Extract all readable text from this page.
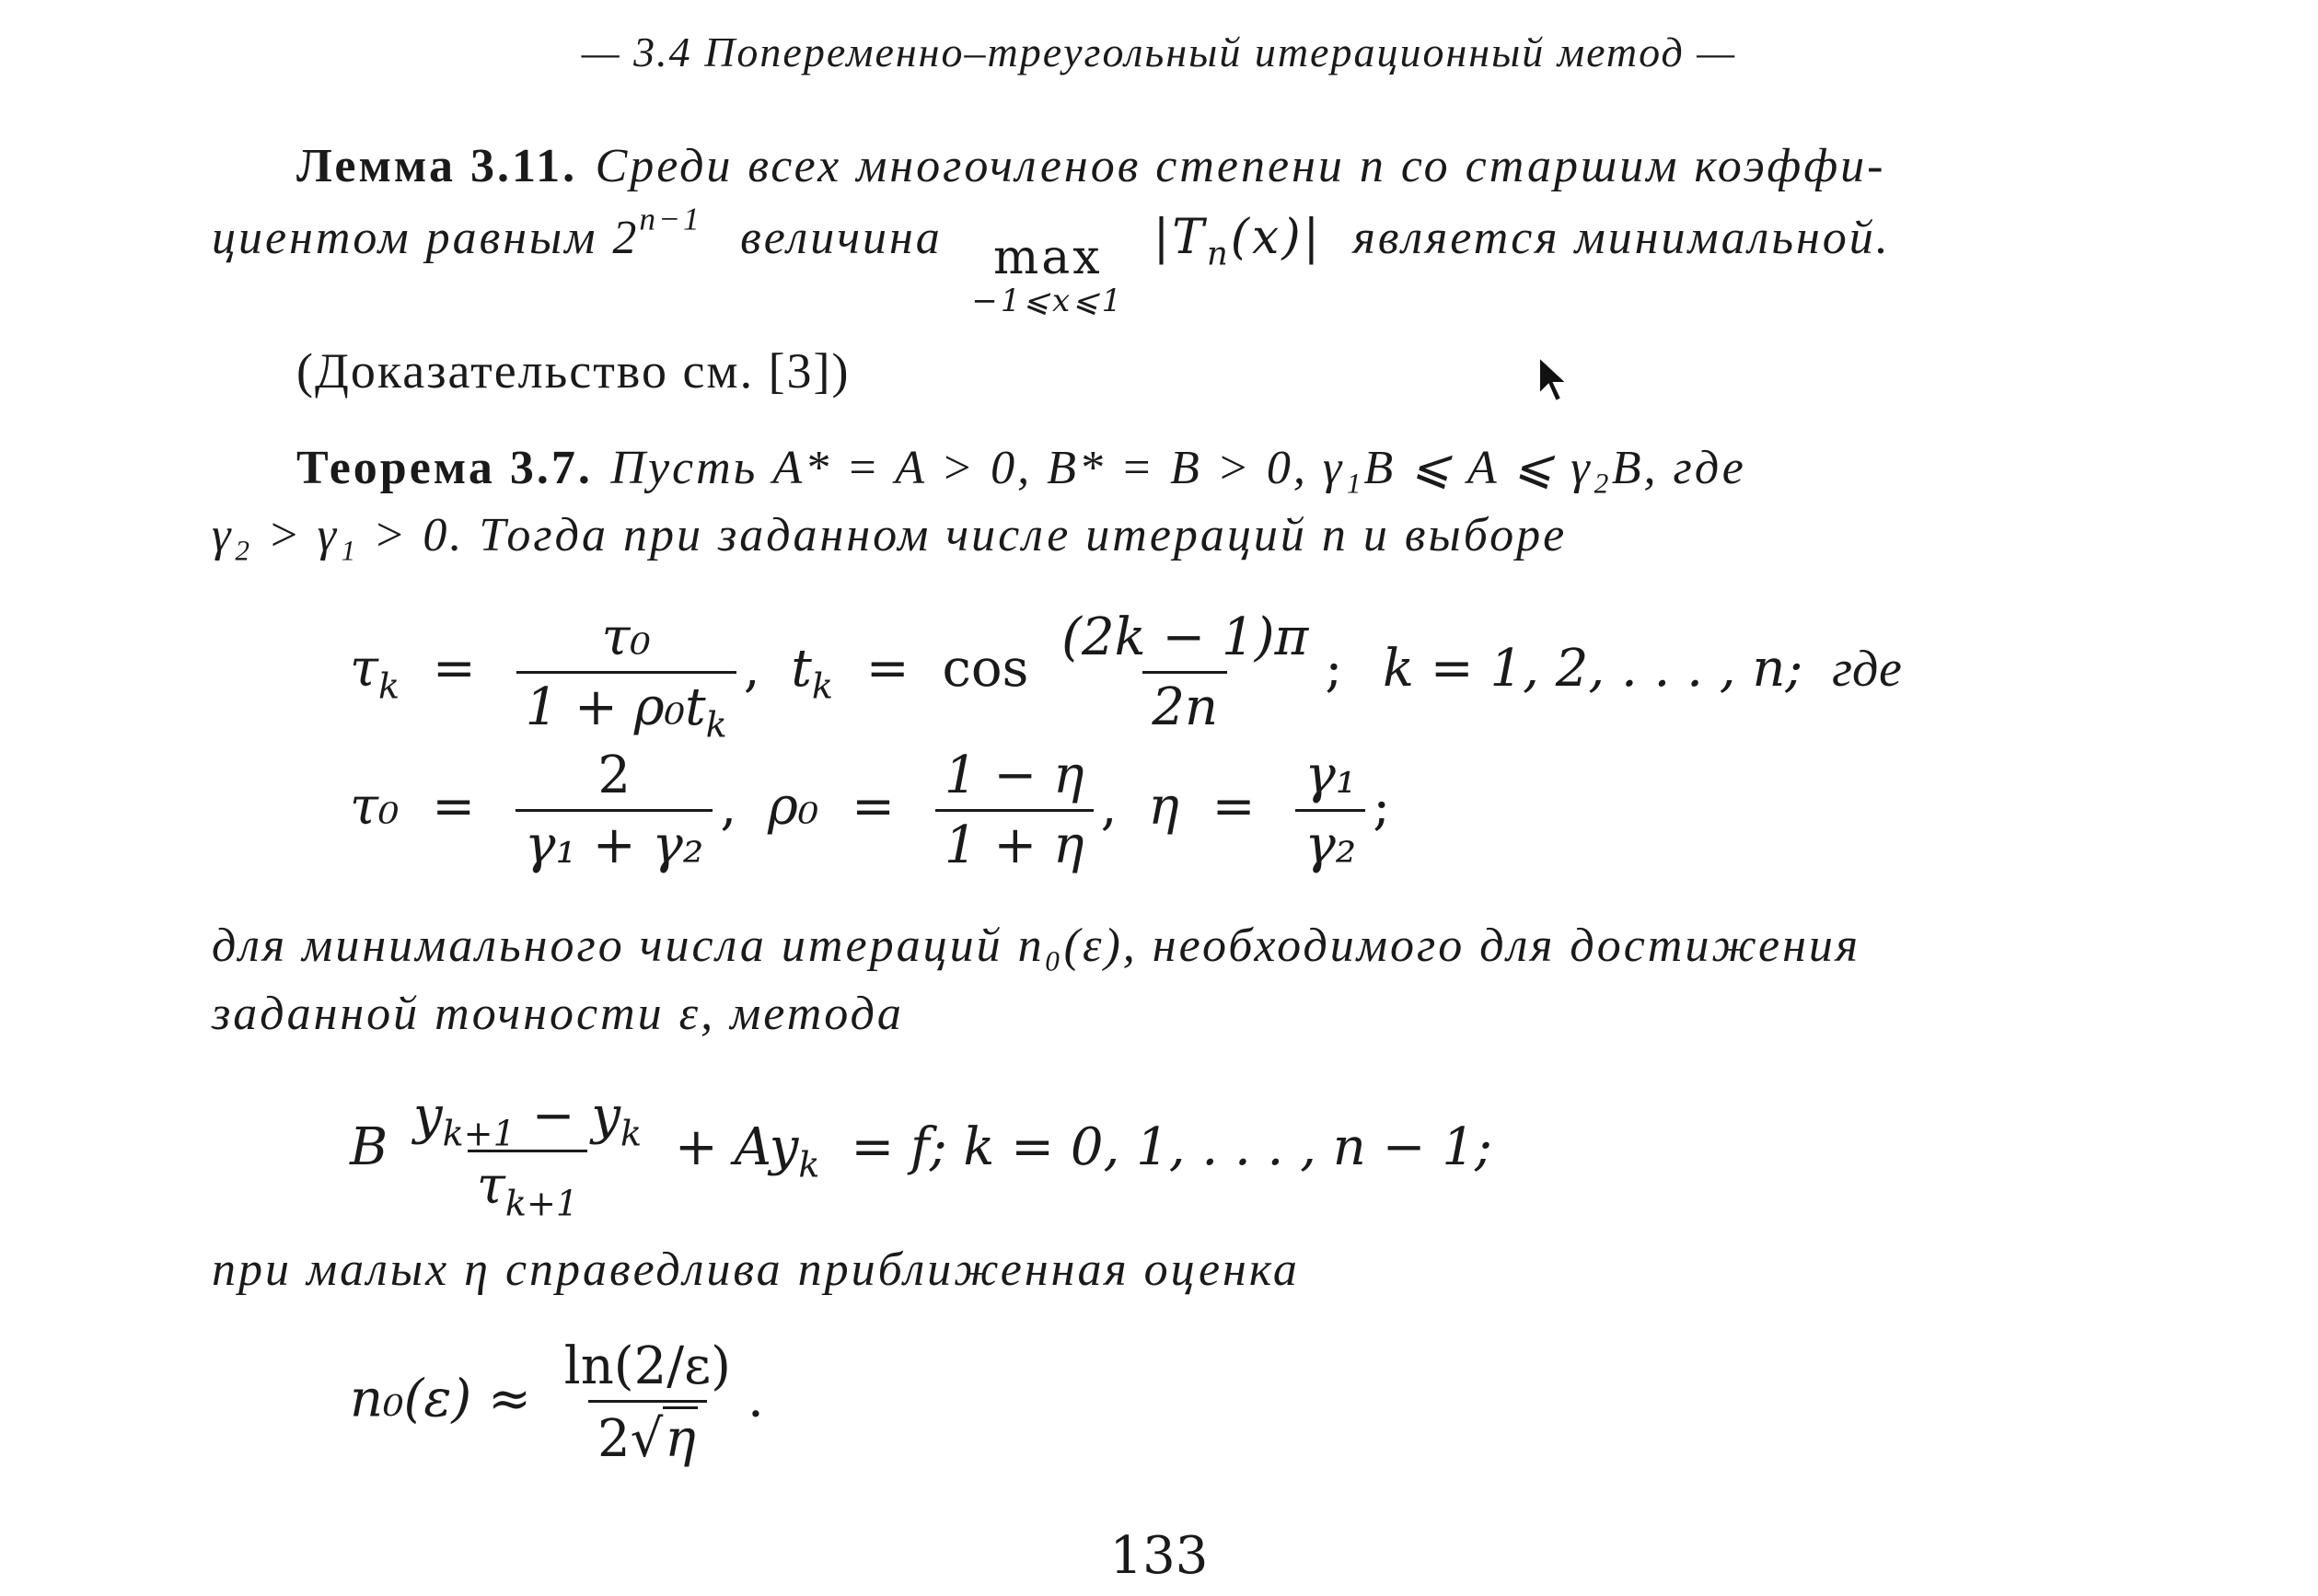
— 3.4 Попеременно–треугольный итерационный метод —
Лемма 3.11. Среди всех многочленов степени n со старшим коэффи-
циентом равным $2^{n-1}$ величина max
−1⩽x⩽1
$|T_n(x)|$ является минимальной.
(Доказательство см. [3])
Теорема 3.7. Пусть A* = A > 0, B* = B > 0, γ₁B ⩽ A ⩽ γ₂B, где
γ₂ > γ₁ > 0. Тогда при заданном числе итераций n и выборе
$\tau_k = \frac{\text{τ₀}}{1 + \rho_0t_k}$ , $t_k = \cos \frac{(2k - 1)\pi}{2n}$ ; k = 1, 2, . . . , n; где
$\tau_0 = \frac{2}{\text{γ₁ + γ₂}}$ , $\rho_0 = \frac{1 - \eta}{1 + \eta}$ , $\eta = \frac{\text{γ₁}}{\text{γ₂}}$ ;
для минимального числа итераций n₀(ε), необходимого для достижения
заданной точности ε, метода
B $\frac{y_{k+1} - y_k}{\tau_{k+1}} + Ay_k = f$; k = 0, 1, . . . , n − 1;
при малых η справедлива приближенная оценка
$n_0(\varepsilon) \approx \frac{\ln(2/\varepsilon)}{2√\eta}$ .
133
